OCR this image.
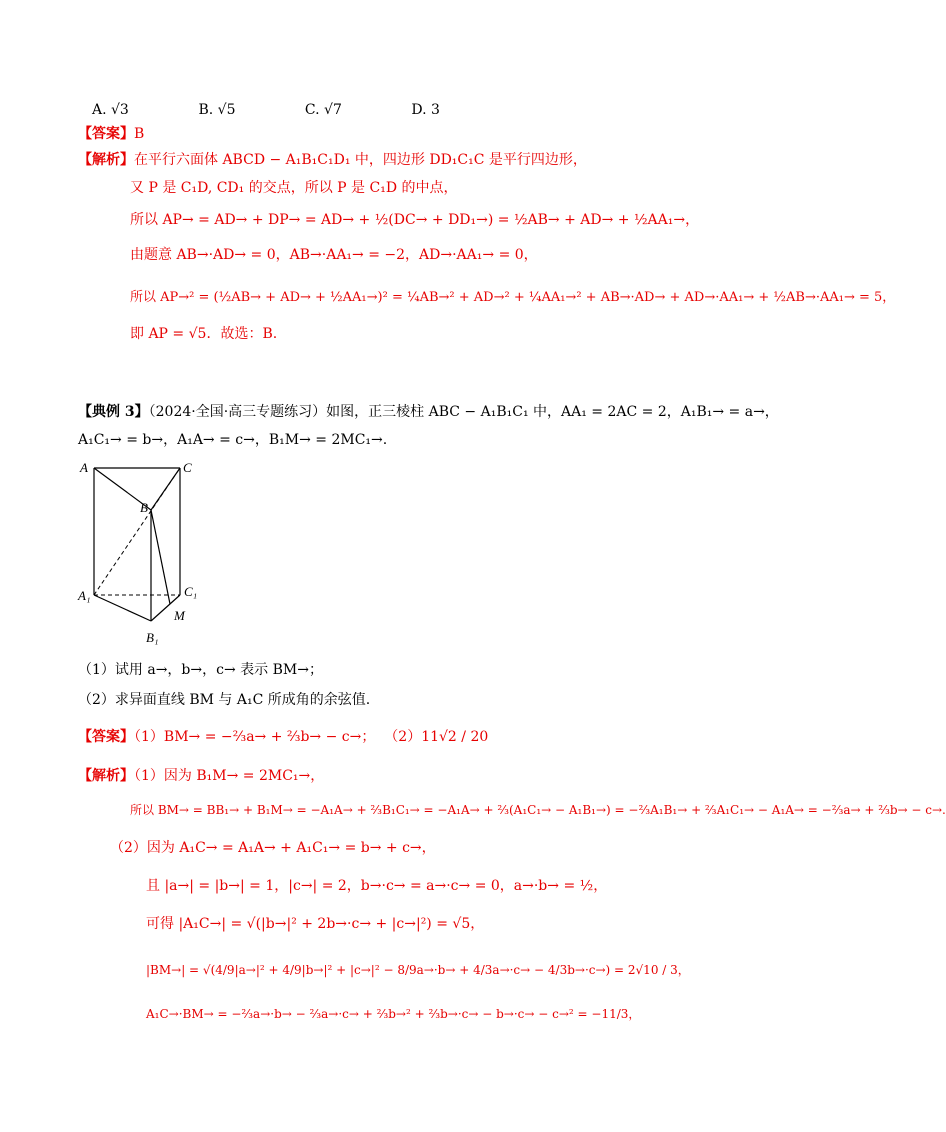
A. √3	B. √5	C. √7	D. 3
【答案】B
【解析】在平行六面体 ABCD − A₁B₁C₁D₁ 中，四边形 DD₁C₁C 是平行四边形，
又 P 是 C₁D, CD₁ 的交点，所以 P 是 C₁D 的中点，
所以 AP→ = AD→ + DP→ = AD→ + ½(DC→ + DD₁→) = ½AB→ + AD→ + ½AA₁→，
由题意 AB→·AD→ = 0，AB→·AA₁→ = −2，AD→·AA₁→ = 0，
所以 AP→² = (½AB→ + AD→ + ½AA₁→)² = ¼AB→² + AD→² + ¼AA₁→² + AB→·AD→ + AD→·AA₁→ + ½AB→·AA₁→ = 5，
即 AP = √5．故选：B.
【典例 3】（2024·全国·高三专题练习）如图，正三棱柱 ABC − A₁B₁C₁ 中，AA₁ = 2AC = 2，A₁B₁→ = a→，
A₁C₁→ = b→，A₁A→ = c→，B₁M→ = 2MC₁→.
A	C
B
A₁	C₁
M
B₁
（1）试用 a→，b→，c→ 表示 BM→；
（2）求异面直线 BM 与 A₁C 所成角的余弦值.
【答案】（1）BM→ = −⅔a→ + ⅔b→ − c→； （2）11√2 / 20
【解析】（1）因为 B₁M→ = 2MC₁→，
所以 BM→ = BB₁→ + B₁M→ = −A₁A→ + ⅔B₁C₁→ = −A₁A→ + ⅔(A₁C₁→ − A₁B₁→) = −⅔A₁B₁→ + ⅔A₁C₁→ − A₁A→ = −⅔a→ + ⅔b→ − c→.
（2）因为 A₁C→ = A₁A→ + A₁C₁→ = b→ + c→，
且 |a→| = |b→| = 1，|c→| = 2，b→·c→ = a→·c→ = 0，a→·b→ = ½，
可得 |A₁C→| = √(|b→|² + 2b→·c→ + |c→|²) = √5，
|BM→| = √(4/9|a→|² + 4/9|b→|² + |c→|² − 8/9a→·b→ + 4/3a→·c→ − 4/3b→·c→) = 2√10 / 3，
A₁C→·BM→ = −⅔a→·b→ − ⅔a→·c→ + ⅔b→² + ⅔b→·c→ − b→·c→ − c→² = −11/3，
